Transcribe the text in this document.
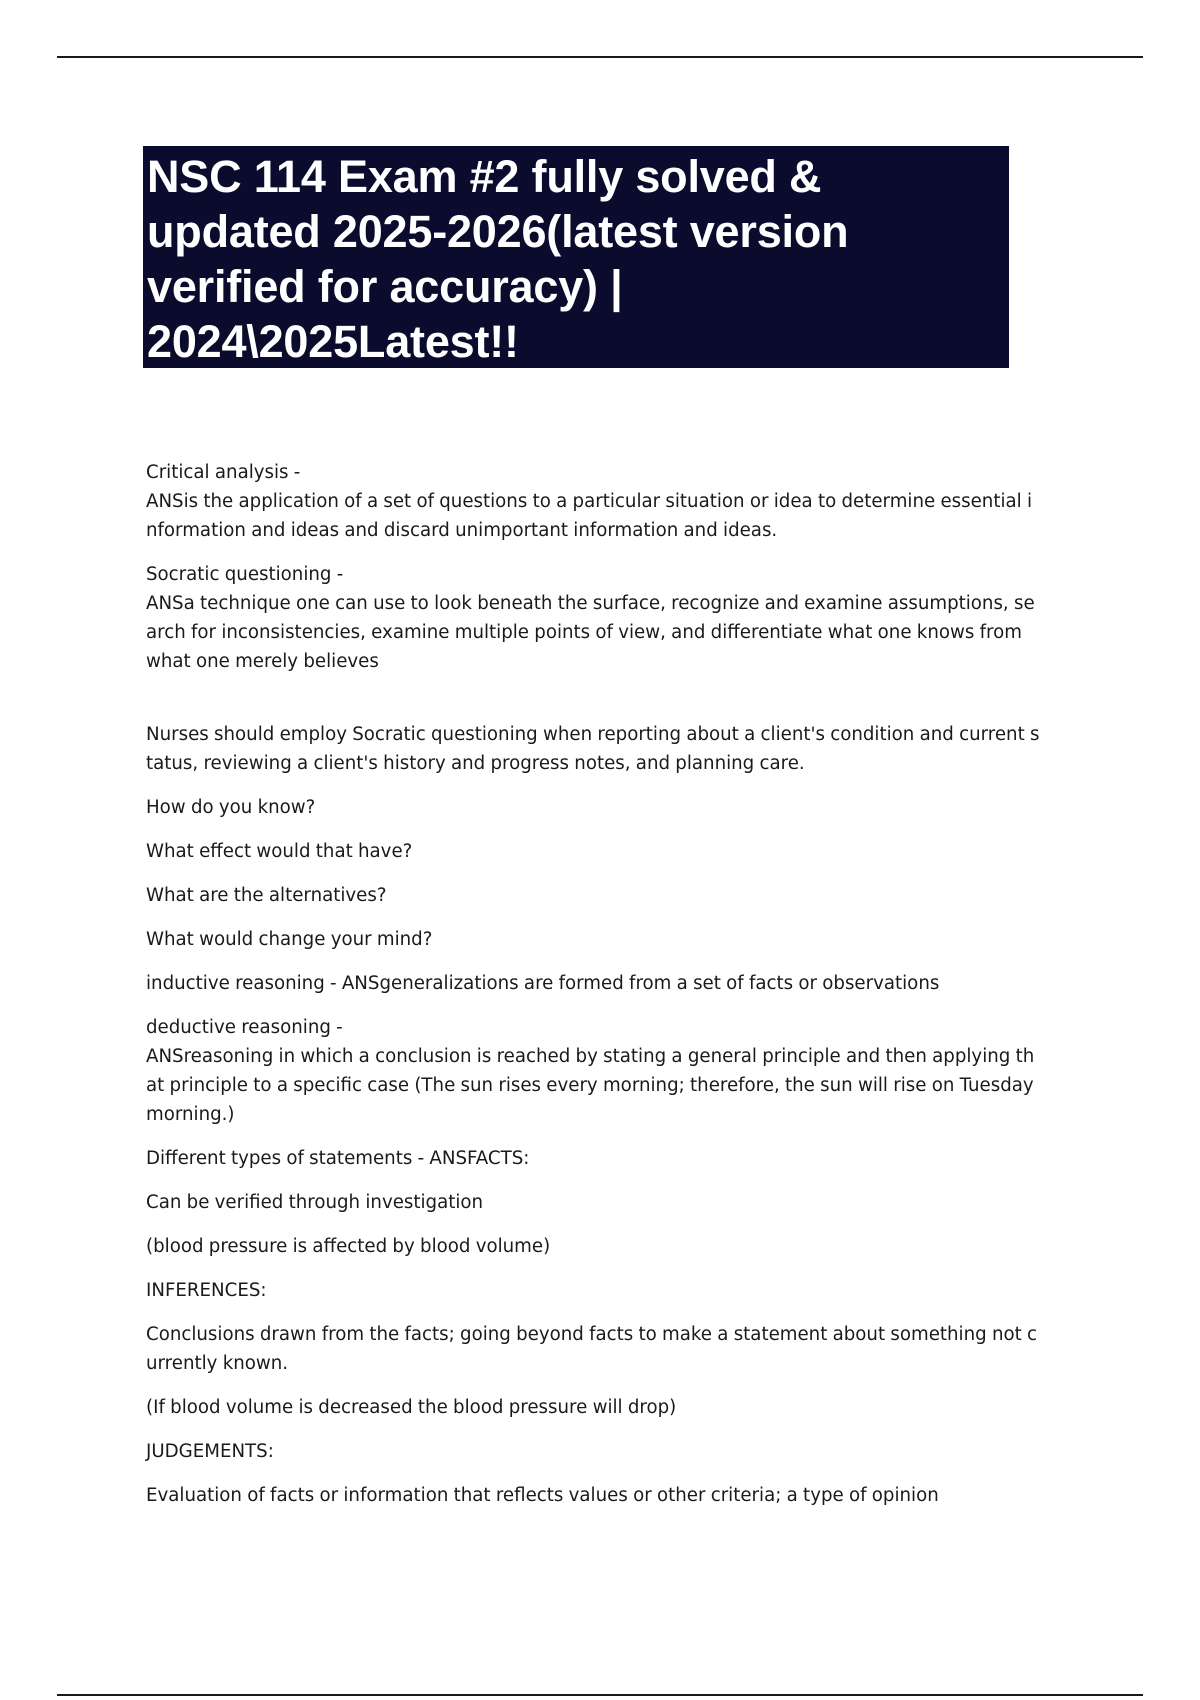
NSC 114 Exam #2 fully solved &
updated 2025-2026(latest version
verified for accuracy) |
2024\2025Latest!!

Critical analysis -
ANSis the application of a set of questions to a particular situation or idea to determine essential i
nformation and ideas and discard unimportant information and ideas.

Socratic questioning -
ANSa technique one can use to look beneath the surface, recognize and examine assumptions, se
arch for inconsistencies, examine multiple points of view, and differentiate what one knows from
what one merely believes

Nurses should employ Socratic questioning when reporting about a client's condition and current s
tatus, reviewing a client's history and progress notes, and planning care.

How do you know?

What effect would that have?

What are the alternatives?

What would change your mind?

inductive reasoning - ANSgeneralizations are formed from a set of facts or observations

deductive reasoning -
ANSreasoning in which a conclusion is reached by stating a general principle and then applying th
at principle to a specific case (The sun rises every morning; therefore, the sun will rise on Tuesday
morning.)

Different types of statements - ANSFACTS:

Can be verified through investigation

(blood pressure is affected by blood volume)

INFERENCES:

Conclusions drawn from the facts; going beyond facts to make a statement about something not c
urrently known.

(If blood volume is decreased the blood pressure will drop)

JUDGEMENTS:

Evaluation of facts or information that reflects values or other criteria; a type of opinion
